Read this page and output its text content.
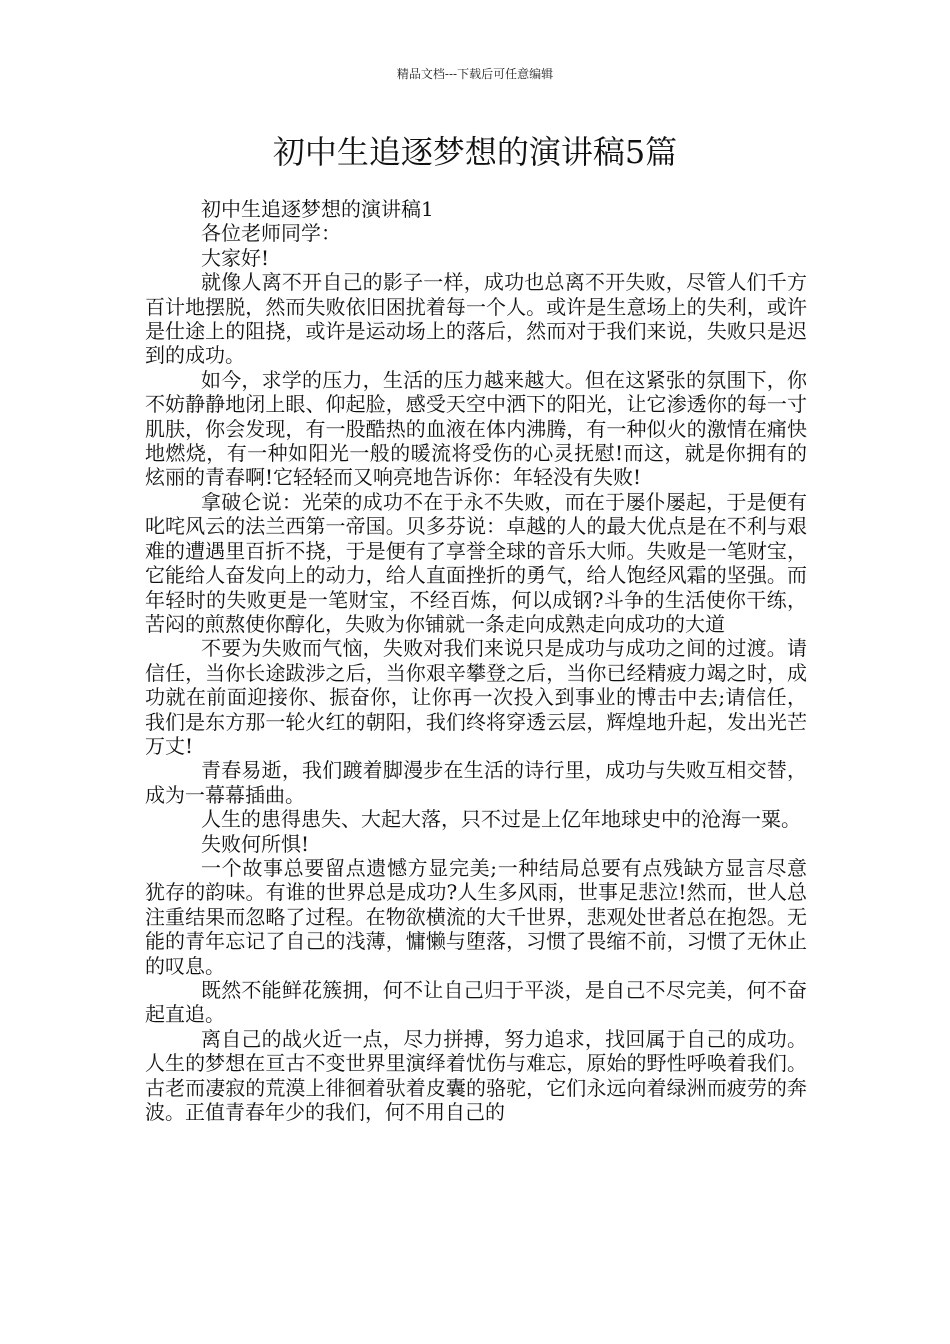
精品文档---下载后可任意编辑
初中生追逐梦想的演讲稿5篇

初中生追逐梦想的演讲稿1

各位老师同学：

大家好!

就像人离不开自己的影子一样，成功也总离不开失败，尽管人们千方百计地摆脱，然而失败依旧困扰着每一个人。或许是生意场上的失利，或许是仕途上的阻挠，或许是运动场上的落后，然而对于我们来说，失败只是迟到的成功。

如今，求学的压力，生活的压力越来越大。但在这紧张的氛围下，你不妨静静地闭上眼、仰起脸，感受天空中洒下的阳光，让它渗透你的每一寸肌肤，你会发现，有一股酷热的血液在体内沸腾，有一种似火的激情在痛快地燃烧，有一种如阳光一般的暖流将受伤的心灵抚慰!而这，就是你拥有的炫丽的青春啊!它轻轻而又响亮地告诉你：年轻没有失败!

拿破仑说：光荣的成功不在于永不失败，而在于屡仆屡起，于是便有叱咤风云的法兰西第一帝国。贝多芬说：卓越的人的最大优点是在不利与艰难的遭遇里百折不挠，于是便有了享誉全球的音乐大师。失败是一笔财宝，它能给人奋发向上的动力，给人直面挫折的勇气，给人饱经风霜的坚强。而年轻时的失败更是一笔财宝，不经百炼，何以成钢?斗争的生活使你干练，苦闷的煎熬使你醇化，失败为你铺就一条走向成熟走向成功的大道

不要为失败而气恼，失败对我们来说只是成功与成功之间的过渡。请信任，当你长途跋涉之后，当你艰辛攀登之后，当你已经精疲力竭之时，成功就在前面迎接你、振奋你，让你再一次投入到事业的博击中去;请信任，我们是东方那一轮火红的朝阳，我们终将穿透云层，辉煌地升起，发出光芒万丈!

青春易逝，我们踱着脚漫步在生活的诗行里，成功与失败互相交替，成为一幕幕插曲。

人生的患得患失、大起大落，只不过是上亿年地球史中的沧海一粟。

失败何所惧!

一个故事总要留点遗憾方显完美;一种结局总要有点残缺方显言尽意犹存的韵味。有谁的世界总是成功?人生多风雨，世事足悲泣!然而，世人总注重结果而忽略了过程。在物欲横流的大千世界，悲观处世者总在抱怨。无能的青年忘记了自己的浅薄，慵懒与堕落，习惯了畏缩不前，习惯了无休止的叹息。

既然不能鲜花簇拥，何不让自己归于平淡，是自己不尽完美，何不奋起直追。

离自己的战火近一点，尽力拼搏，努力追求，找回属于自己的成功。人生的梦想在亘古不变世界里演绎着忧伤与难忘，原始的野性呼唤着我们。古老而凄寂的荒漠上徘徊着驮着皮囊的骆驼，它们永远向着绿洲而疲劳的奔波。正值青春年少的我们，何不用自己的
